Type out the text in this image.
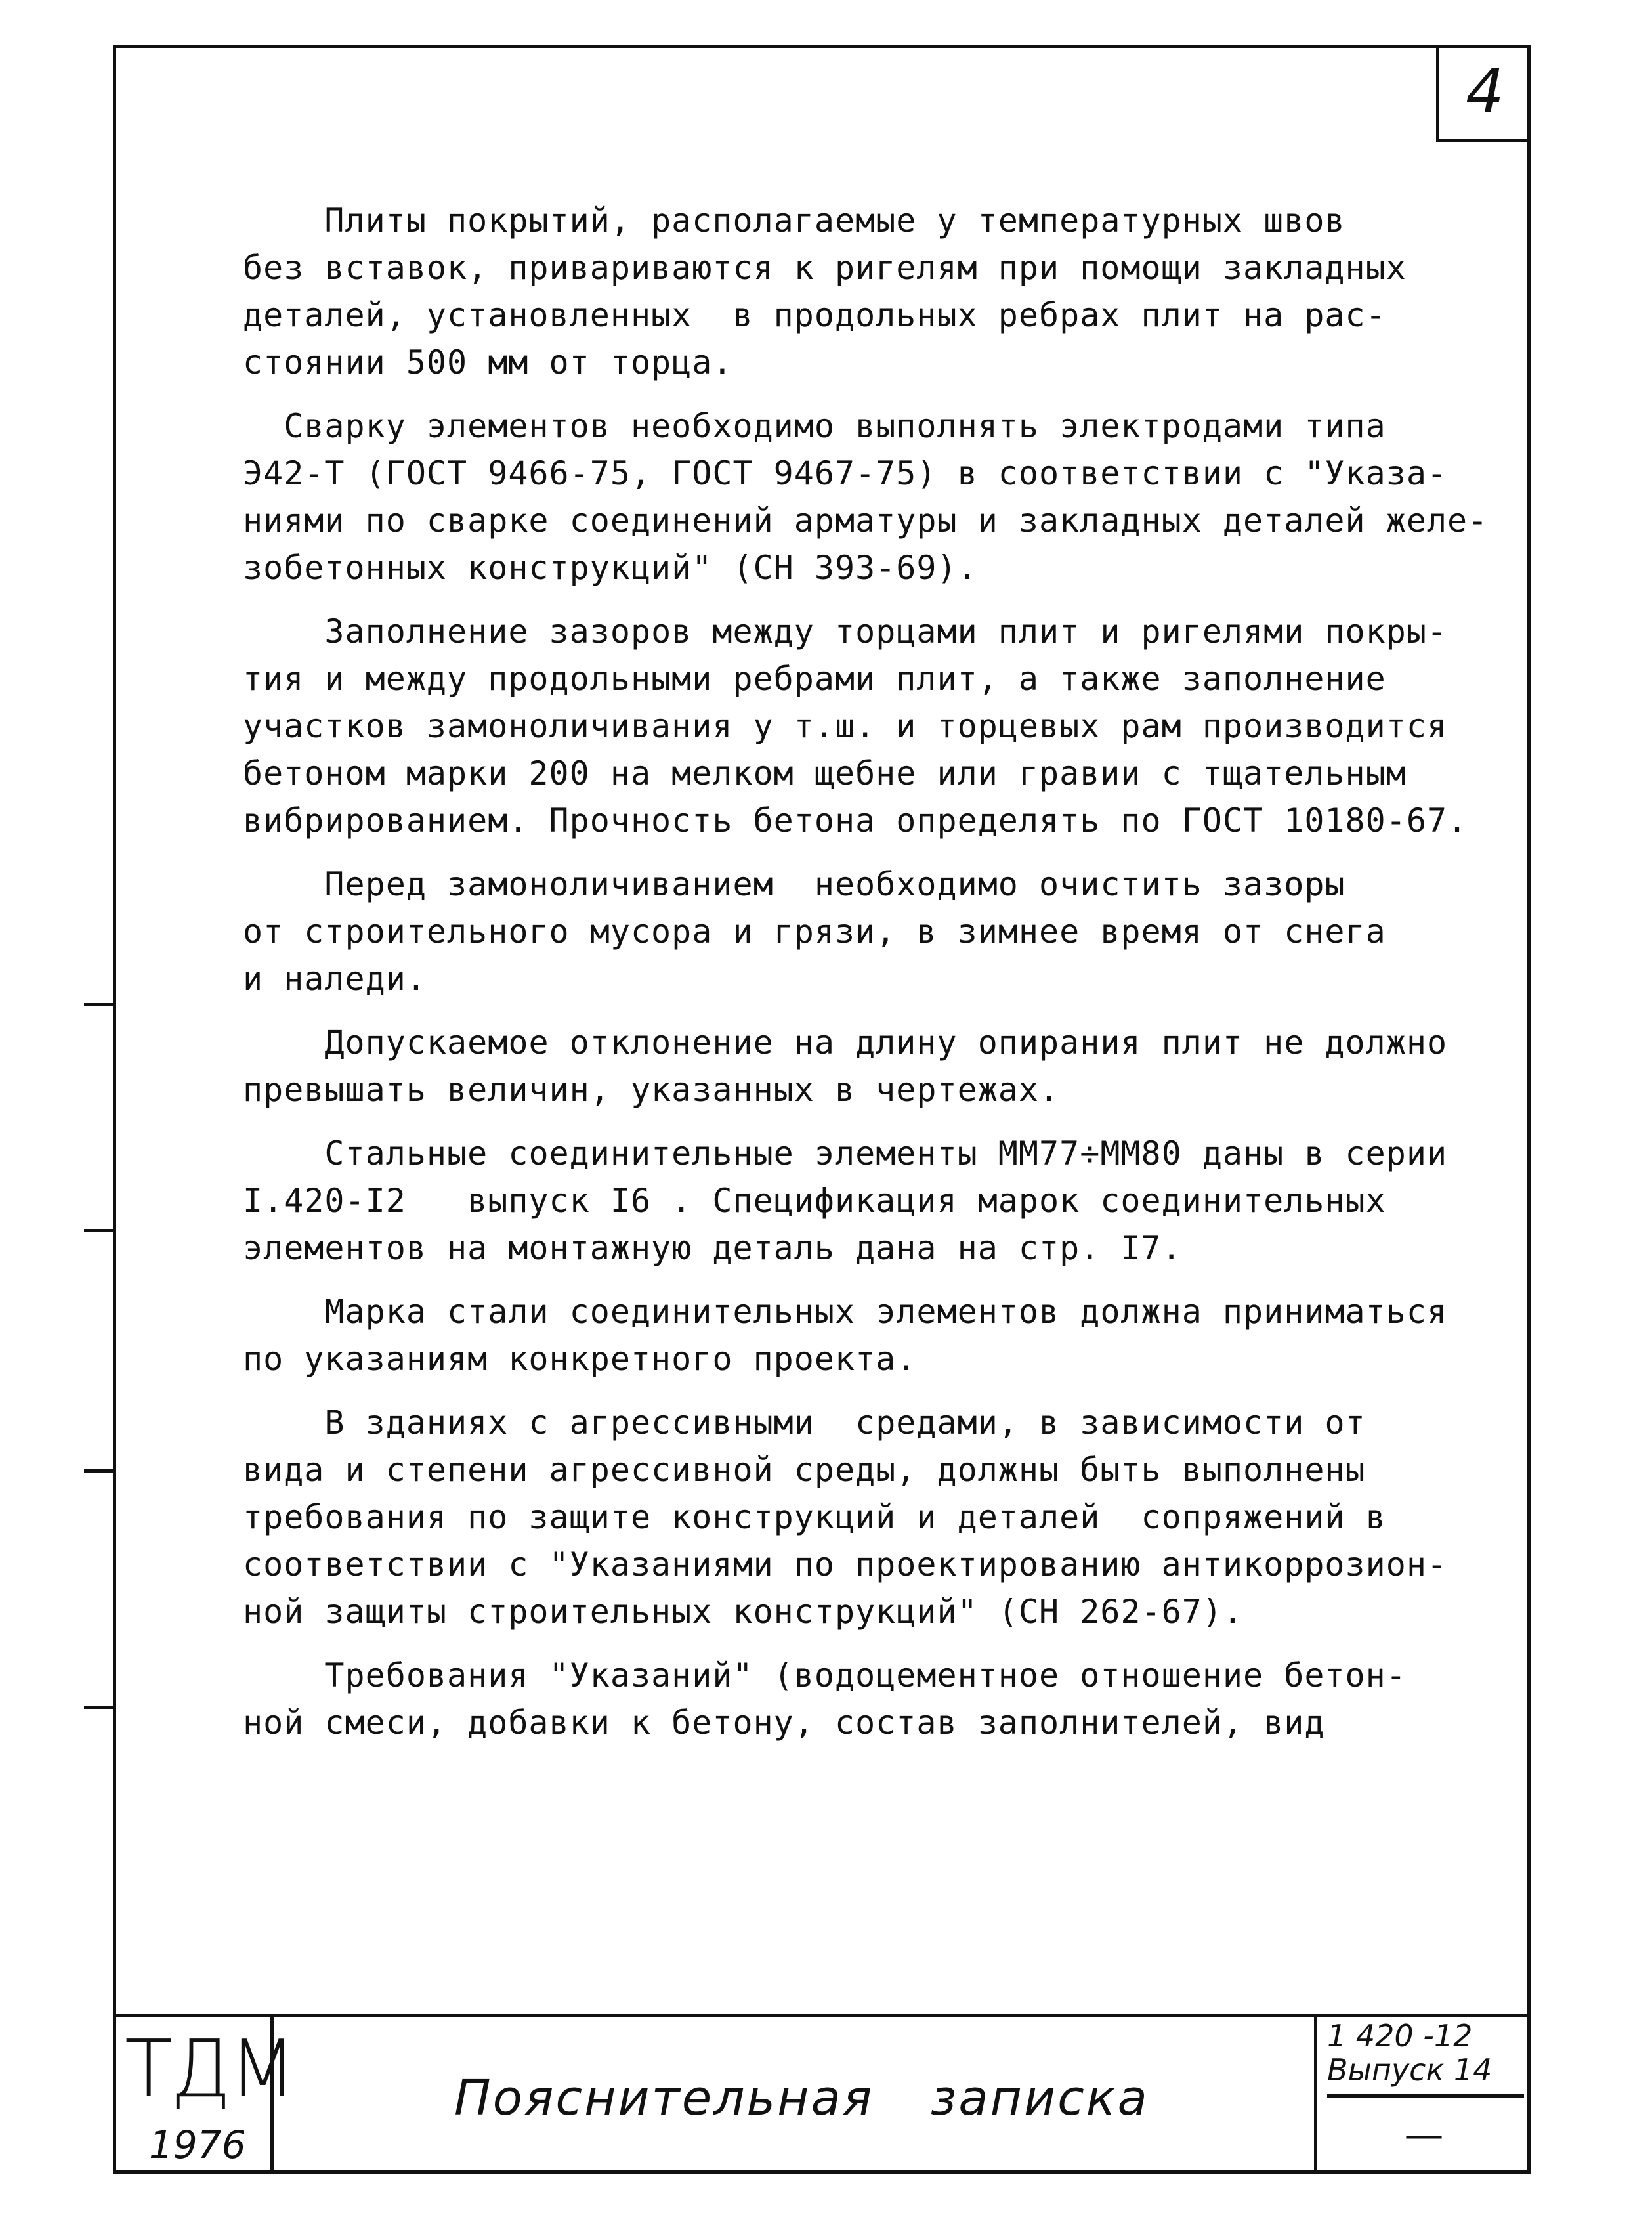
4

Плиты покрытий, располагаемые у температурных швов
без вставок, привариваются к ригелям при помощи закладных
деталей, установленных  в продольных ребрах плит на рас-
стоянии 500 мм от торца.

Сварку элементов необходимо выполнять электродами типа
Э42-Т (ГОСТ 9466-75, ГОСТ 9467-75) в соответствии с "Указа-
ниями по сварке соединений арматуры и закладных деталей желе-
зобетонных конструкций" (СН 393-69).

Заполнение зазоров между торцами плит и ригелями покры-
тия и между продольными ребрами плит, а также заполнение
участков замоноличивания у т.ш. и торцевых рам производится
бетоном марки 200 на мелком щебне или гравии с тщательным
вибрированием. Прочность бетона определять по ГОСТ 10180-67.

Перед замоноличиванием  необходимо очистить зазоры
от строительного мусора и грязи, в зимнее время от снега
и наледи.

Допускаемое отклонение на длину опирания плит не должно
превышать величин, указанных в чертежах.

Стальные соединительные элементы ММ77÷ММ80 даны в серии
I.420-I2   выпуск I6 . Спецификация марок соединительных
элементов на монтажную деталь дана на стр. I7.

Марка стали соединительных элементов должна приниматься
по указаниям конкретного проекта.

В зданиях с агрессивными  средами, в зависимости от
вида и степени агрессивной среды, должны быть выполнены
требования по защите конструкций и деталей  сопряжений в
соответствии с "Указаниями по проектированию антикоррозион-
ной защиты строительных конструкций" (СН 262-67).

Требования "Указаний" (водоцементное отношение бетон-
ной смеси, добавки к бетону, состав заполнителей, вид

ТДМ
1976
Пояснительная записка
1 420 -12
Выпуск 14
—
